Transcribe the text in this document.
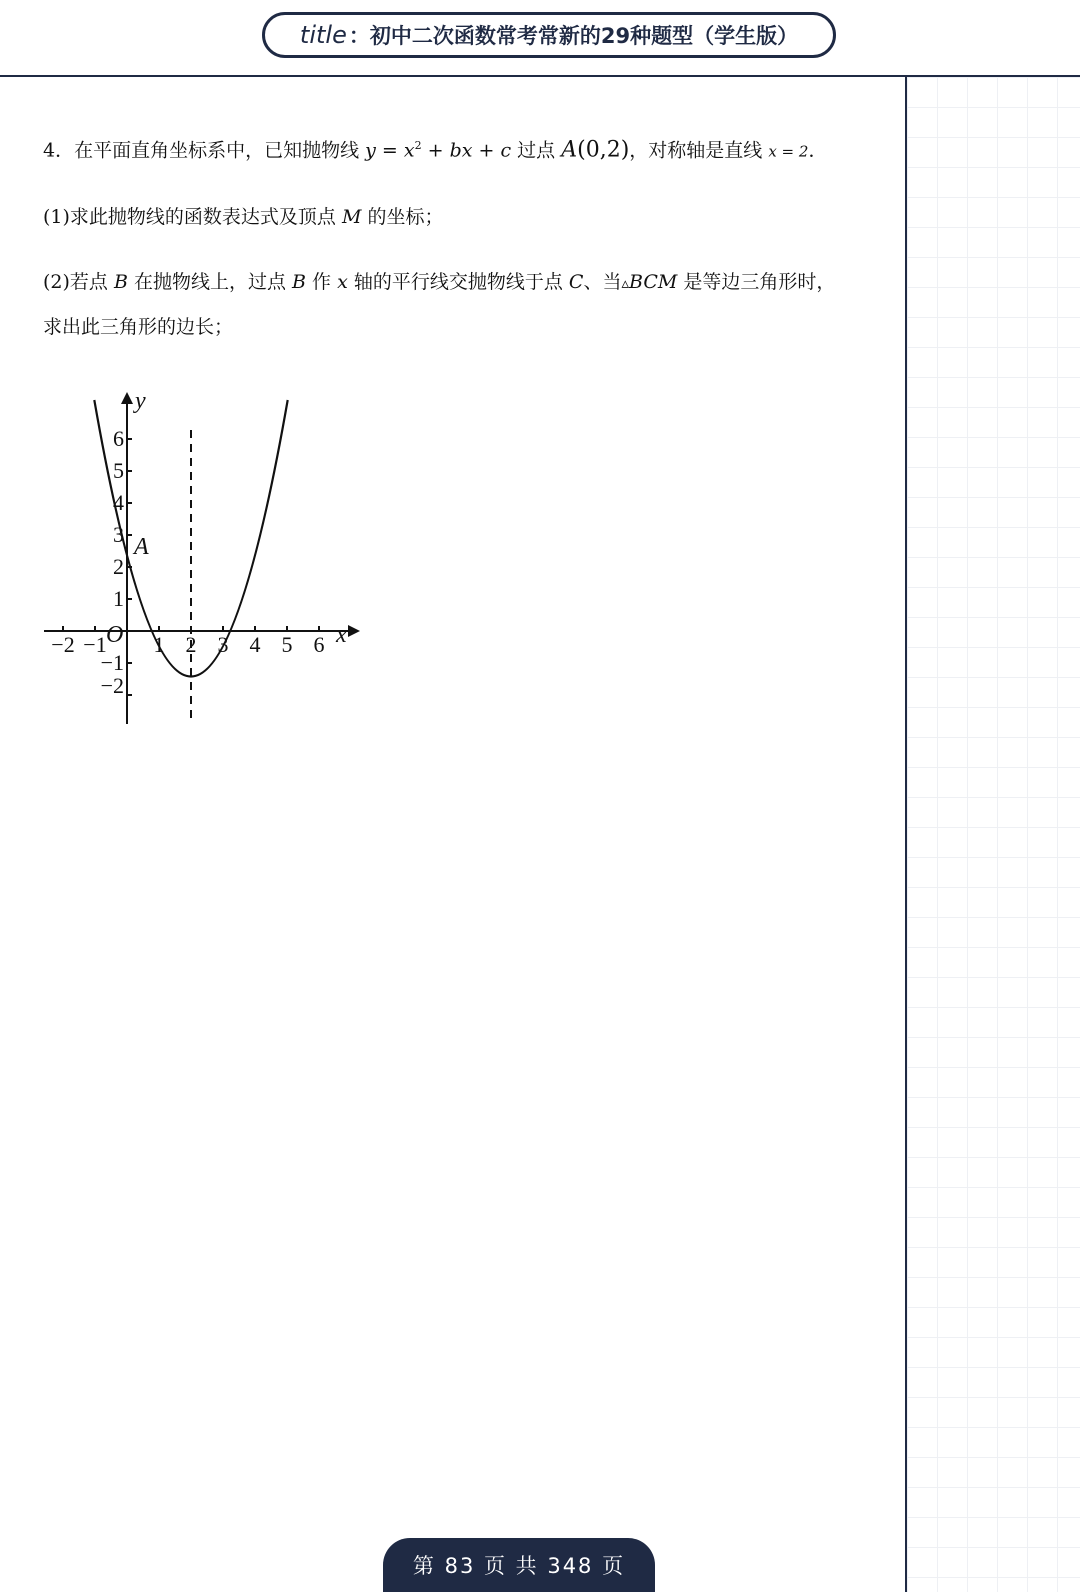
title ：初中二次函数常考常新的29种题型（学生版）
4．在平面直角坐标系中，已知抛物线 $y = x^2$ + bx + c 过点 A(0,2)，对称轴是直线 x = 2．
(1)求此抛物线的函数表达式及顶点 M 的坐标；
(2)若点 B 在抛物线上，过点 B 作 x 轴的平行线交抛物线于点 C、当▵BCM 是等边三角形时，
求出此三角形的边长；
−2 −1 1 2 3 4 5 6
6
5
4
3
2
1
−1
−2
O
A
x
y
第 83 页 共 348 页
